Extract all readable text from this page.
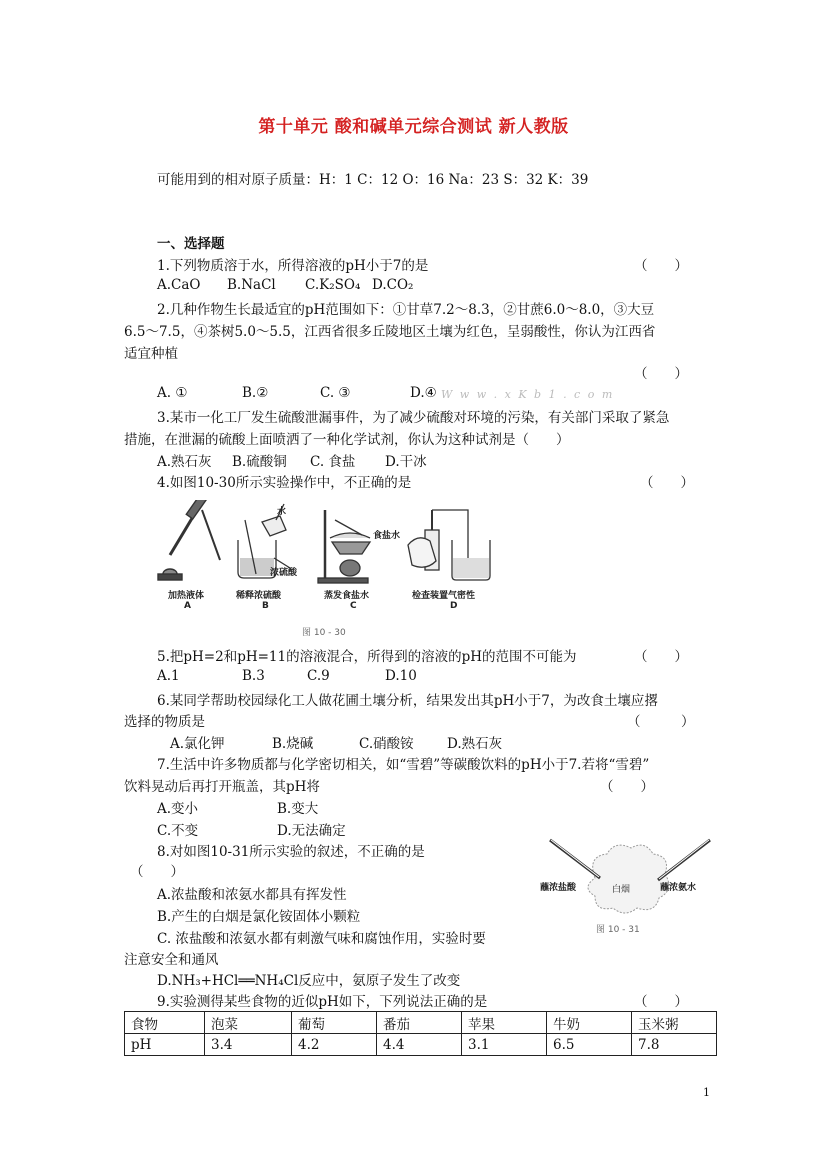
第十单元 酸和碱单元综合测试 新人教版
可能用到的相对原子质量：H：1 C：12 O：16 Na：23 S：32 K：39
一、选择题
1.下列物质溶于水，所得溶液的pH小于7的是	（　　）
A.CaO B.NaCl C.K₂SO₄ D.CO₂
2.几种作物生长最适宜的pH范围如下：①甘草7.2～8.3，②甘蔗6.0～8.0，③大豆
6.5～7.5，④茶树5.0～5.5，江西省很多丘陵地区土壤为红色，呈弱酸性，你认为江西省
适宜种植
（　　）
A. ①	B.②	C. ③	D.④ W w w . x K b 1 . c o m
3.某市一化工厂发生硫酸泄漏事件，为了减少硫酸对环境的污染，有关部门采取了紧急
措施，在泄漏的硫酸上面喷洒了一种化学试剂，你认为这种试剂是（　　）
A.熟石灰 B.硫酸铜 C. 食盐 D.干冰
4.如图10-30所示实验操作中，不正确的是	（　　）
水
食盐水
浓硫酸
加热液体	稀释浓硫酸	蒸发食盐水	检查装置气密性
A	B	C	D
图 10 - 30
5.把pH=2和pH=11的溶液混合，所得到的溶液的pH的范围不可能为	（　　）
A.1	B.3	C.9	D.10
6.某同学帮助校园绿化工人做花圃土壤分析，结果发出其pH小于7，为改食土壤应撂
选择的物质是	（　　　）
A.氯化钾	B.烧碱	C.硝酸铵 D.熟石灰
7.生活中许多物质都与化学密切相关，如“雪碧”等碳酸饮料的pH小于7.若将“雪碧”
饮料晃动后再打开瓶盖，其pH将	（　　）
A.变小	B.变大
C.不变	D.无法确定
8.对如图10-31所示实验的叙述，不正确的是
（　　）
A.浓盐酸和浓氨水都具有挥发性
B.产生的白烟是氯化铵固体小颗粒
C. 浓盐酸和浓氨水都有刺激气味和腐蚀作用，实验时要
注意安全和通风
D.NH₃+HCl══NH₄Cl反应中，氨原子发生了改变
蘸浓盐酸	白烟	蘸浓氨水
图 10 - 31
9.实验测得某些食物的近似pH如下，下列说法正确的是	（　　）
食物	泡菜	葡萄	番茄	苹果	牛奶	玉米粥
pH	3.4	4.2	4.4	3.1	6.5	7.8
1
